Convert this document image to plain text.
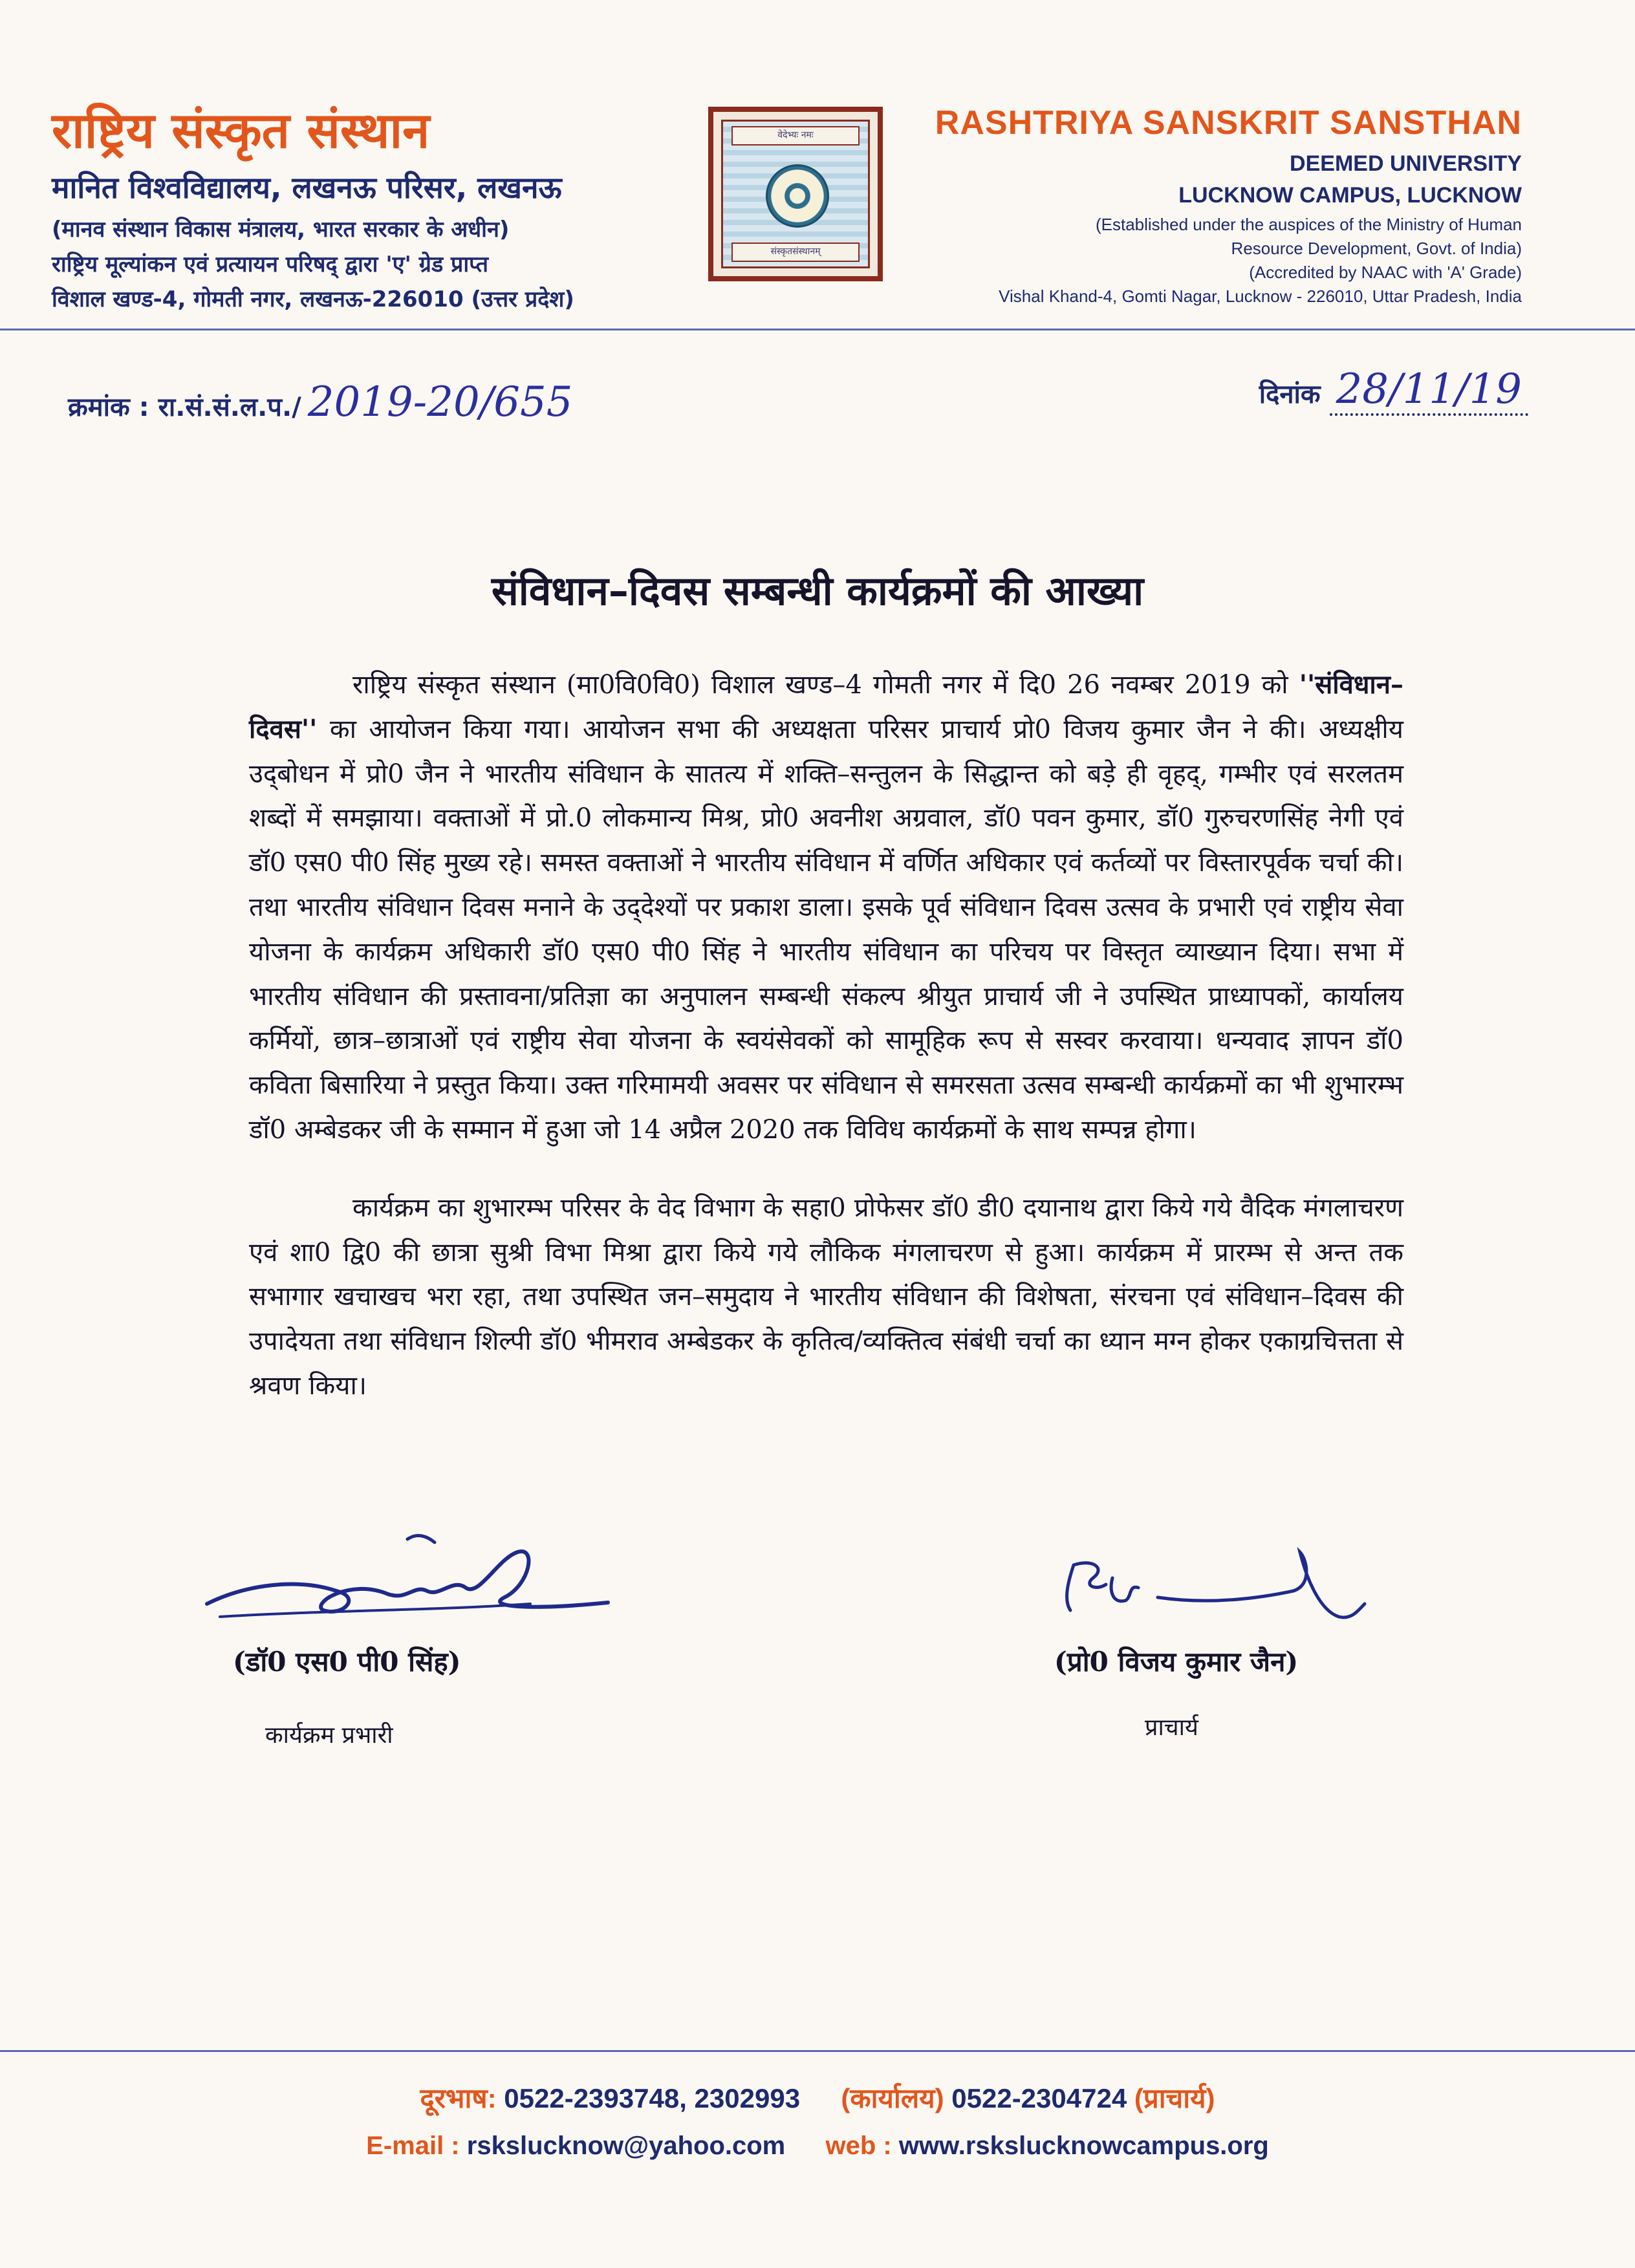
राष्ट्रिय संस्कृत संस्थान

मानित विश्वविद्यालय, लखनऊ परिसर, लखनऊ

(मानव संस्थान विकास मंत्रालय, भारत सरकार के अधीन)

राष्ट्रिय मूल्यांकन एवं प्रत्यायन परिषद् द्वारा 'ए' ग्रेड प्राप्त

विशाल खण्ड-4, गोमती नगर, लखनऊ-226010 (उत्तर प्रदेश)

वेदेभ्यः नमः
संस्कृतसंस्थानम्

RASHTRIYA SANSKRIT SANSTHAN

DEEMED UNIVERSITY

LUCKNOW CAMPUS, LUCKNOW

(Established under the auspices of the Ministry of Human

Resource Development, Govt. of India)

(Accredited by NAAC with 'A' Grade)

Vishal Khand-4, Gomti Nagar, Lucknow - 226010, Uttar Pradesh, India

क्रमांक : रा.सं.सं.ल.प./ 2019-20/655	दिनांक 28/11/19
संविधान–दिवस सम्बन्धी कार्यक्रमों की आख्या

राष्ट्रिय संस्कृत संस्थान (मा0वि0वि0) विशाल खण्ड–4 गोमती नगर में दि0 26 नवम्बर 2019 को ''संविधान–दिवस'' का आयोजन किया गया। आयोजन सभा की अध्यक्षता परिसर प्राचार्य प्रो0 विजय कुमार जैन ने की। अध्यक्षीय उद्‌बोधन में प्रो0 जैन ने भारतीय संविधान के सातत्य में शक्ति–सन्तुलन के सिद्धान्त को बड़े ही वृहद्, गम्भीर एवं सरलतम शब्दों में समझाया। वक्ताओं में प्रो.0 लोकमान्य मिश्र, प्रो0 अवनीश अग्रवाल, डॉ0 पवन कुमार, डॉ0 गुरुचरणसिंह नेगी एवं डॉ0 एस0 पी0 सिंह मुख्य रहे। समस्त वक्ताओं ने भारतीय संविधान में वर्णित अधिकार एवं कर्तव्यों पर विस्तारपूर्वक चर्चा की। तथा भारतीय संविधान दिवस मनाने के उद्‌देश्यों पर प्रकाश डाला। इसके पूर्व संविधान दिवस उत्सव के प्रभारी एवं राष्ट्रीय सेवा योजना के कार्यक्रम अधिकारी डॉ0 एस0 पी0 सिंह ने भारतीय संविधान का परिचय पर विस्तृत व्याख्यान दिया। सभा में भारतीय संविधान की प्रस्तावना/प्रतिज्ञा का अनुपालन सम्बन्धी संकल्प श्रीयुत प्राचार्य जी ने उपस्थित प्राध्यापकों, कार्यालय कर्मियों, छात्र–छात्राओं एवं राष्ट्रीय सेवा योजना के स्वयंसेवकों को सामूहिक रूप से सस्वर करवाया। धन्यवाद ज्ञापन डॉ0 कविता बिसारिया ने प्रस्तुत किया। उक्त गरिमामयी अवसर पर संविधान से समरसता उत्सव सम्बन्धी कार्यक्रमों का भी शुभारम्भ डॉ0 अम्बेडकर जी के सम्मान में हुआ जो 14 अप्रैल 2020 तक विविध कार्यक्रमों के साथ सम्पन्न होगा।

कार्यक्रम का शुभारम्भ परिसर के वेद विभाग के सहा0 प्रोफेसर डॉ0 डी0 दयानाथ द्वारा किये गये वैदिक मंगलाचरण एवं शा0 द्वि0 की छात्रा सुश्री विभा मिश्रा द्वारा किये गये लौकिक मंगलाचरण से हुआ। कार्यक्रम में प्रारम्भ से अन्त तक सभागार खचाखच भरा रहा, तथा उपस्थित जन–समुदाय ने भारतीय संविधान की विशेषता, संरचना एवं संविधान–दिवस की उपादेयता तथा संविधान शिल्पी डॉ0 भीमराव अम्बेडकर के कृतित्व/व्यक्तित्व संबंधी चर्चा का ध्यान मग्न होकर एकाग्रचित्तता से श्रवण किया।

(डॉ0 एस0 पी0 सिंह)

कार्यक्रम प्रभारी

(प्रो0 विजय कुमार जैन)

प्राचार्य

दूरभाष: 0522-2393748, 2302993 (कार्यालय) 0522-2304724 (प्राचार्य)

E-mail : rskslucknow@yahoo.com web : www.rskslucknowcampus.org
